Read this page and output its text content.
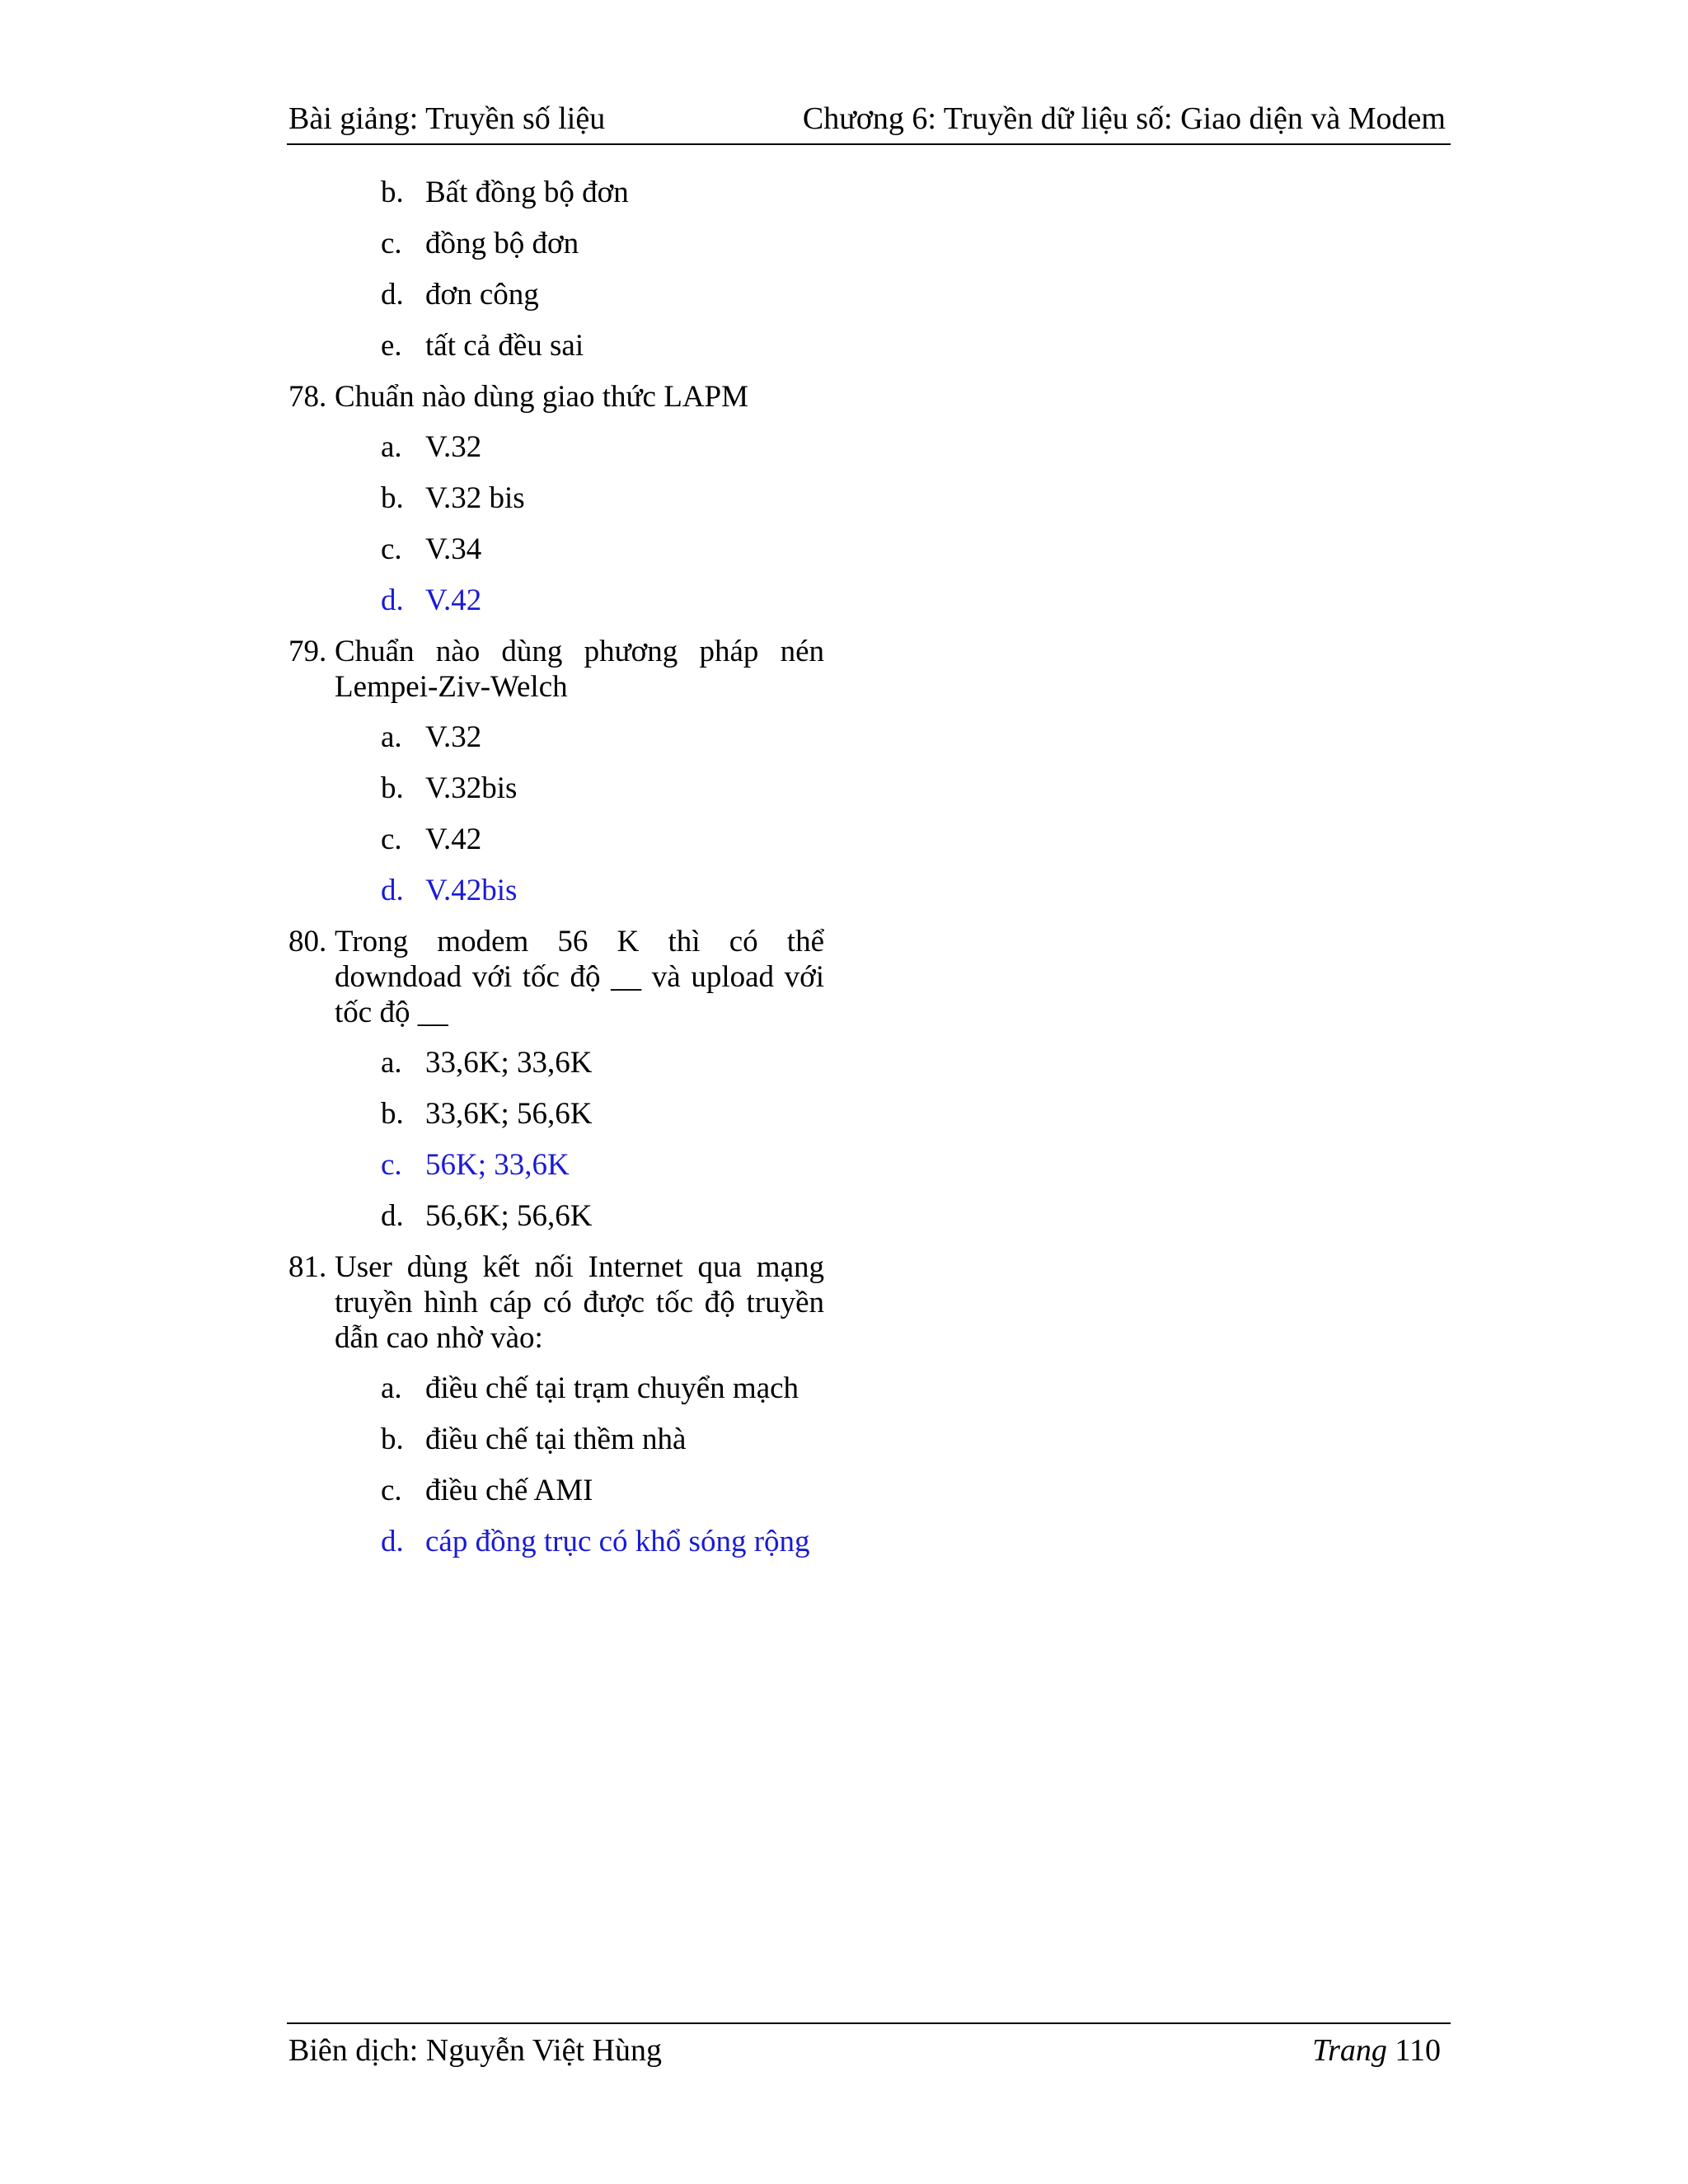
Bài giảng: Truyền số liệu	Chương 6: Truyền dữ liệu số: Giao diện và Modem
b. Bất đồng bộ đơn
c. đồng bộ đơn
d. đơn công
e. tất cả đều sai
78. Chuẩn nào dùng giao thức LAPM
a. V.32
b. V.32 bis
c. V.34
d. V.42
79. Chuẩn nào dùng phương pháp nén Lempei-Ziv-Welch
a. V.32
b. V.32bis
c. V.42
d. V.42bis
80. Trong modem 56 K thì có thể downdoad với tốc độ __ và upload với tốc độ __
a. 33,6K; 33,6K
b. 33,6K; 56,6K
c. 56K; 33,6K
d. 56,6K; 56,6K
81. User dùng kết nối Internet qua mạng truyền hình cáp có được tốc độ truyền dẫn cao nhờ vào:
a. điều chế tại trạm chuyển mạch
b. điều chế tại thềm nhà
c. điều chế AMI
d. cáp đồng trục có khổ sóng rộng
Biên dịch: Nguyễn Việt Hùng	Trang 110
